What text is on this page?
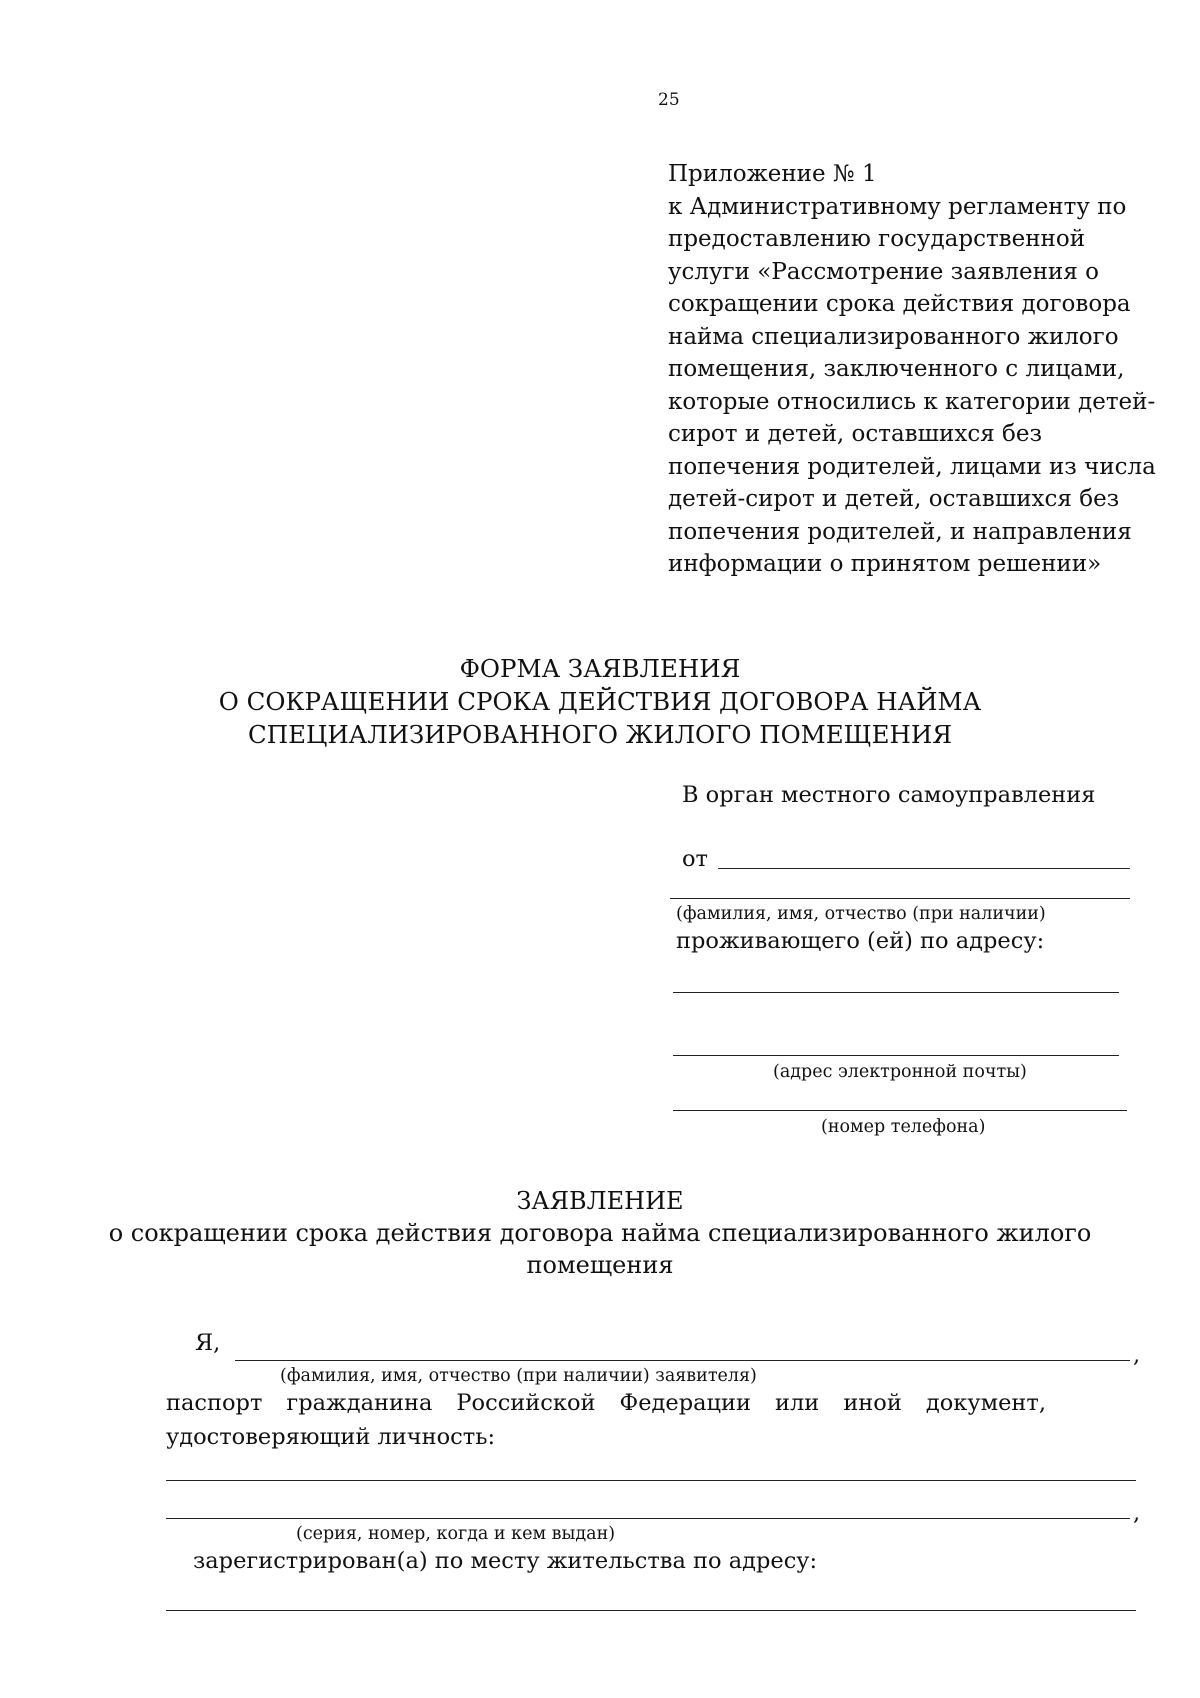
25
Приложение № 1
к Административному регламенту по
предоставлению государственной
услуги «Рассмотрение заявления о
сокращении срока действия договора
найма специализированного жилого
помещения, заключенного с лицами,
которые относились к категории детей-
сирот и детей, оставшихся без
попечения родителей, лицами из числа
детей-сирот и детей, оставшихся без
попечения родителей, и направления
информации о принятом решении»
ФОРМА ЗАЯВЛЕНИЯ
О СОКРАЩЕНИИ СРОКА ДЕЙСТВИЯ ДОГОВОРА НАЙМА
СПЕЦИАЛИЗИРОВАННОГО ЖИЛОГО ПОМЕЩЕНИЯ
В орган местного самоуправления
от
(фамилия, имя, отчество (при наличии)
проживающего (ей) по адресу:
(адрес электронной почты)
(номер телефона)
ЗАЯВЛЕНИЕ
о сокращении срока действия договора найма специализированного жилого
помещения
Я,	,
(фамилия, имя, отчество (при наличии) заявителя)
паспорт гражданина Российской Федерации или иной документ,
удостоверяющий личность:
,
(серия, номер, когда и кем выдан)
зарегистрирован(а) по месту жительства по адресу:
